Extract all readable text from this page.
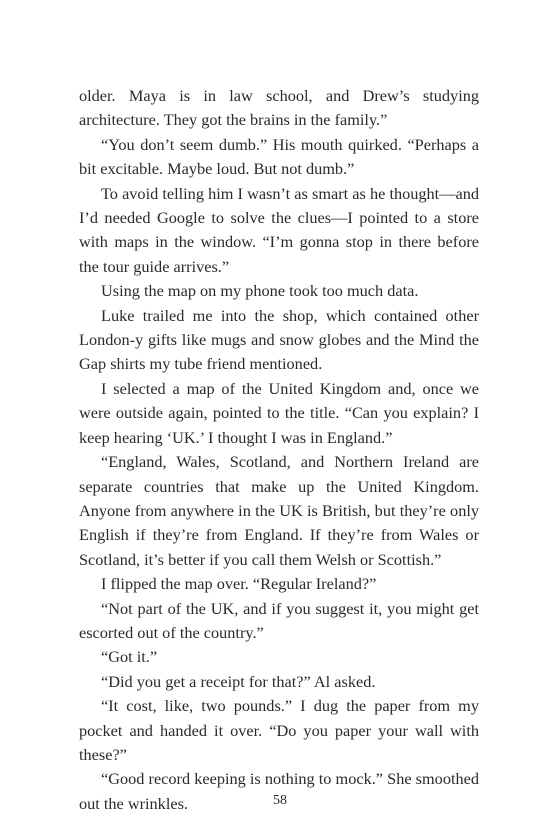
older. Maya is in law school, and Drew’s studying architecture. They got the brains in the family.”

“You don’t seem dumb.” His mouth quirked. “Perhaps a bit excitable. Maybe loud. But not dumb.”

To avoid telling him I wasn’t as smart as he thought—and I’d needed Google to solve the clues—I pointed to a store with maps in the window. “I’m gonna stop in there before the tour guide arrives.”

Using the map on my phone took too much data.

Luke trailed me into the shop, which contained other London-y gifts like mugs and snow globes and the Mind the Gap shirts my tube friend mentioned.

I selected a map of the United Kingdom and, once we were outside again, pointed to the title. “Can you explain? I keep hearing ‘UK.’ I thought I was in England.”

“England, Wales, Scotland, and Northern Ireland are separate countries that make up the United Kingdom. Anyone from anywhere in the UK is British, but they’re only English if they’re from England. If they’re from Wales or Scotland, it’s better if you call them Welsh or Scottish.”

I flipped the map over. “Regular Ireland?”

“Not part of the UK, and if you suggest it, you might get escorted out of the country.”

“Got it.”

“Did you get a receipt for that?” Al asked.

“It cost, like, two pounds.” I dug the paper from my pocket and handed it over. “Do you paper your wall with these?”

“Good record keeping is nothing to mock.” She smoothed out the wrinkles.	58
